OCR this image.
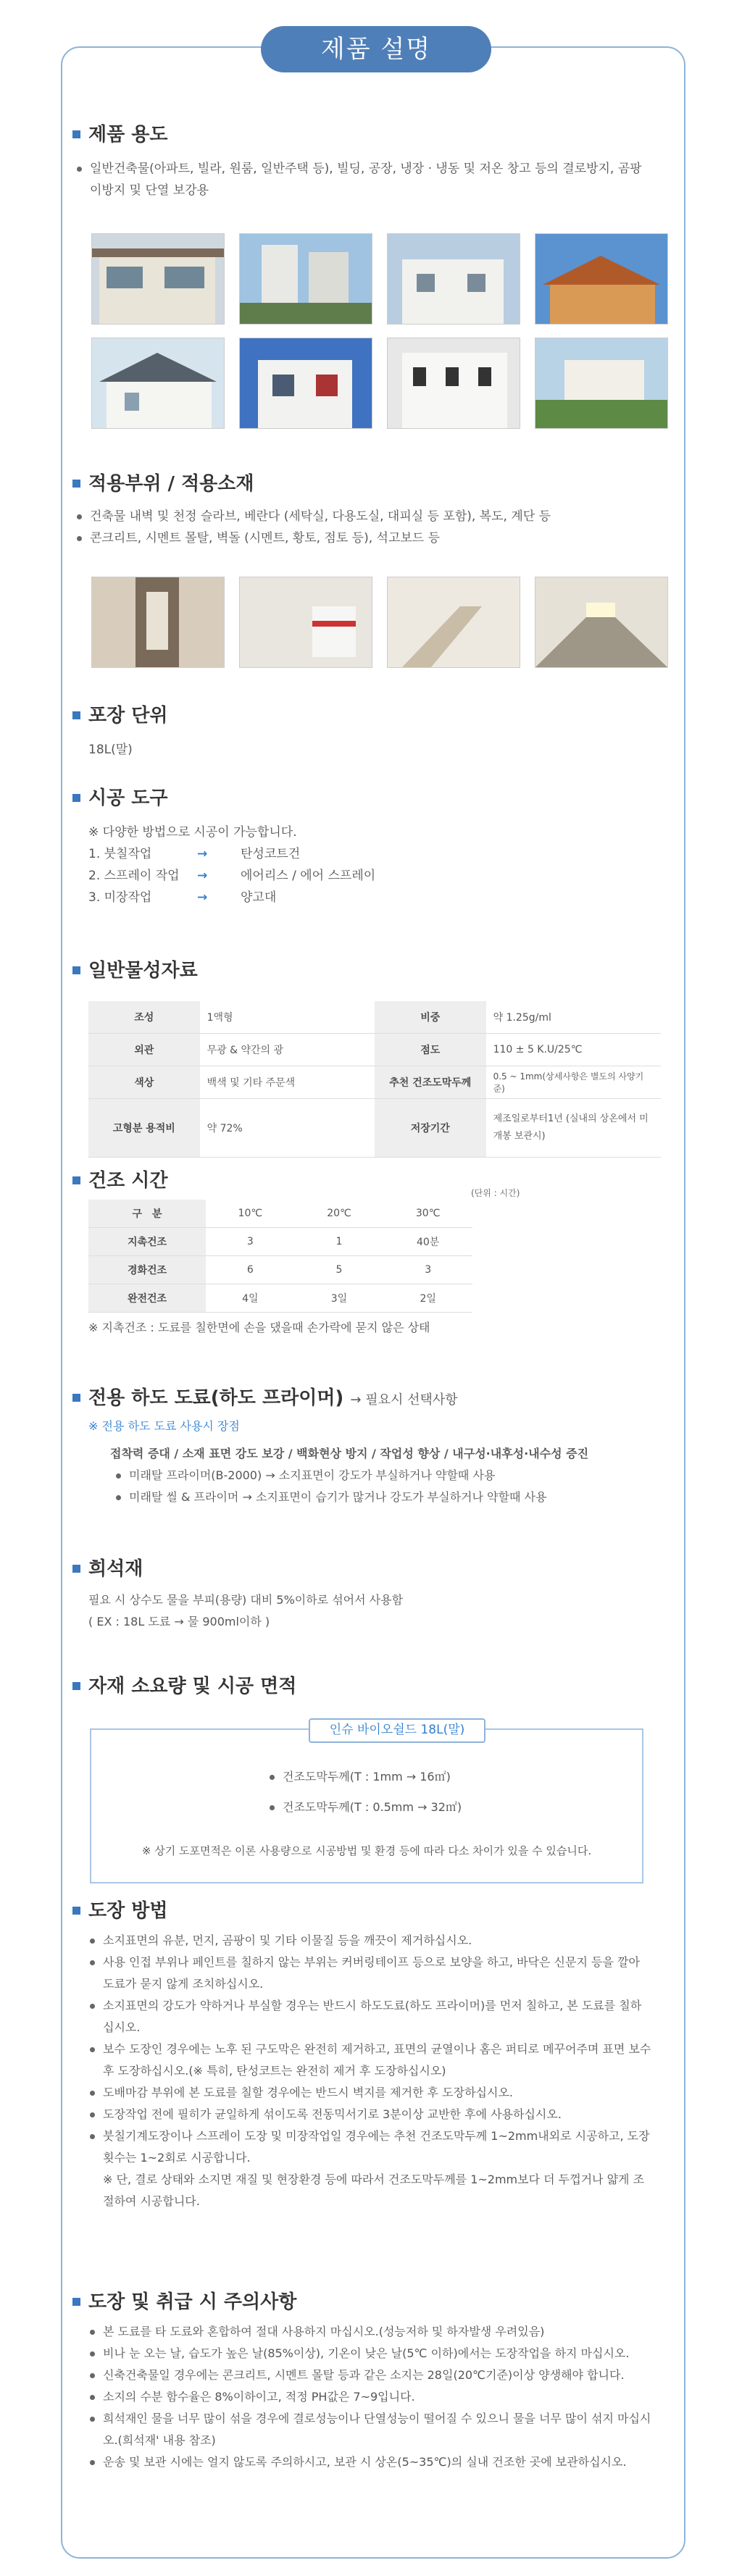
제품 설명
제품 용도
일반건축물(아파트, 빌라, 원룸, 일반주택 등), 빌딩, 공장, 냉장 · 냉동 및 저온 창고 등의 결로방지, 곰팡이방지 및 단열 보강용
적용부위 / 적용소재
건축물 내벽 및 천정 슬라브, 베란다 (세탁실, 다용도실, 대피실 등 포함), 복도, 계단 등
콘크리트, 시멘트 몰탈, 벽돌 (시멘트, 황토, 점토 등), 석고보드 등
포장 단위
18L(말)
시공 도구
※ 다양한 방법으로 시공이 가능합니다.
1. 붓칠작업	→	탄성코트건
2. 스프레이 작업 →	에어리스 / 에어 스프레이
3. 미장작업	→	양고대
일반물성자료
조성	1액형	비중	약 1.25g/ml
외관	무광 & 약간의 광	점도	110 ± 5 K.U/25℃
색상	백색 및 기타 주문색	추천 건조도막두께	0.5 ~ 1mm(상세사항은 별도의 사양기준)
고형분 용적비	약 72%	저장기간	제조일로부터1년 (실내의 상온에서 미개봉 보관시)
건조 시간
(단위 : 시간)
구　분	10℃	20℃	30℃
지촉건조	3	1	40분
경화건조	6	5	3
완전건조	4일	3일	2일
※ 지촉건조 : 도료를 칠한면에 손을 댔을때 손가락에 묻지 않은 상태
전용 하도 도료(하도 프라이머) → 필요시 선택사항
※ 전용 하도 도료 사용시 장점
접착력 증대 / 소재 표면 강도 보강 / 백화현상 방지 / 작업성 향상 / 내구성·내후성·내수성 증진
미래탈 프라이머(B-2000) → 소지표면이 강도가 부실하거나 약할때 사용
미래탈 씰 & 프라이머 → 소지표면이 습기가 많거나 강도가 부실하거나 약할때 사용
희석재
필요 시 상수도 물을 부피(용량) 대비 5%이하로 섞어서 사용함
( EX : 18L 도료 → 물 900ml이하 )
자재 소요량 및 시공 면적
인슈 바이오쉴드 18L(말)
건조도막두께(T : 1mm → 16㎡)
건조도막두께(T : 0.5mm → 32㎡)
※ 상기 도포면적은 이론 사용량으로 시공방법 및 환경 등에 따라 다소 차이가 있을 수 있습니다.
도장 방법
소지표면의 유분, 먼지, 곰팡이 및 기타 이물질 등을 깨끗이 제거하십시오.
사용 인접 부위나 페인트를 칠하지 않는 부위는 커버링테이프 등으로 보양을 하고, 바닥은 신문지 등을 깔아 도료가 묻지 않게 조치하십시오.
소지표면의 강도가 약하거나 부실할 경우는 반드시 하도도료(하도 프라이머)를 먼저 칠하고, 본 도료를 칠하십시오.
보수 도장인 경우에는 노후 된 구도막은 완전히 제거하고, 표면의 균열이나 홈은 퍼티로 메꾸어주며 표면 보수 후 도장하십시오.(※ 특히, 탄성코트는 완전히 제거 후 도장하십시오)
도배마감 부위에 본 도료를 칠할 경우에는 반드시 벽지를 제거한 후 도장하십시오.
도장작업 전에 필히가 균일하게 섞이도록 전동믹서기로 3분이상 교반한 후에 사용하십시오.
붓칠기계도장이나 스프레이 도장 및 미장작업일 경우에는 추천 건조도막두께 1~2mm내외로 시공하고, 도장 횟수는 1~2회로 시공합니다.
※ 단, 결로 상태와 소지면 재질 및 현장환경 등에 따라서 건조도막두께를 1~2mm보다 더 두껍거나 얇게 조절하여 시공합니다.
도장 및 취급 시 주의사항
본 도료를 타 도료와 혼합하여 절대 사용하지 마십시오.(성능저하 및 하자발생 우려있음)
비나 눈 오는 날, 습도가 높은 날(85%이상), 기온이 낮은 날(5℃ 이하)에서는 도장작업을 하지 마십시오.
신축건축물일 경우에는 콘크리트, 시멘트 몰탈 등과 같은 소지는 28일(20℃기준)이상 양생해야 합니다.
소지의 수분 함수율은 8%이하이고, 적정 PH값은 7~9입니다.
희석재인 물을 너무 많이 섞을 경우에 결로성능이나 단열성능이 떨어질 수 있으니 물을 너무 많이 섞지 마십시오.(희석재' 내용 참조)
운송 및 보관 시에는 얼지 않도록 주의하시고, 보관 시 상온(5~35℃)의 실내 건조한 곳에 보관하십시오.
